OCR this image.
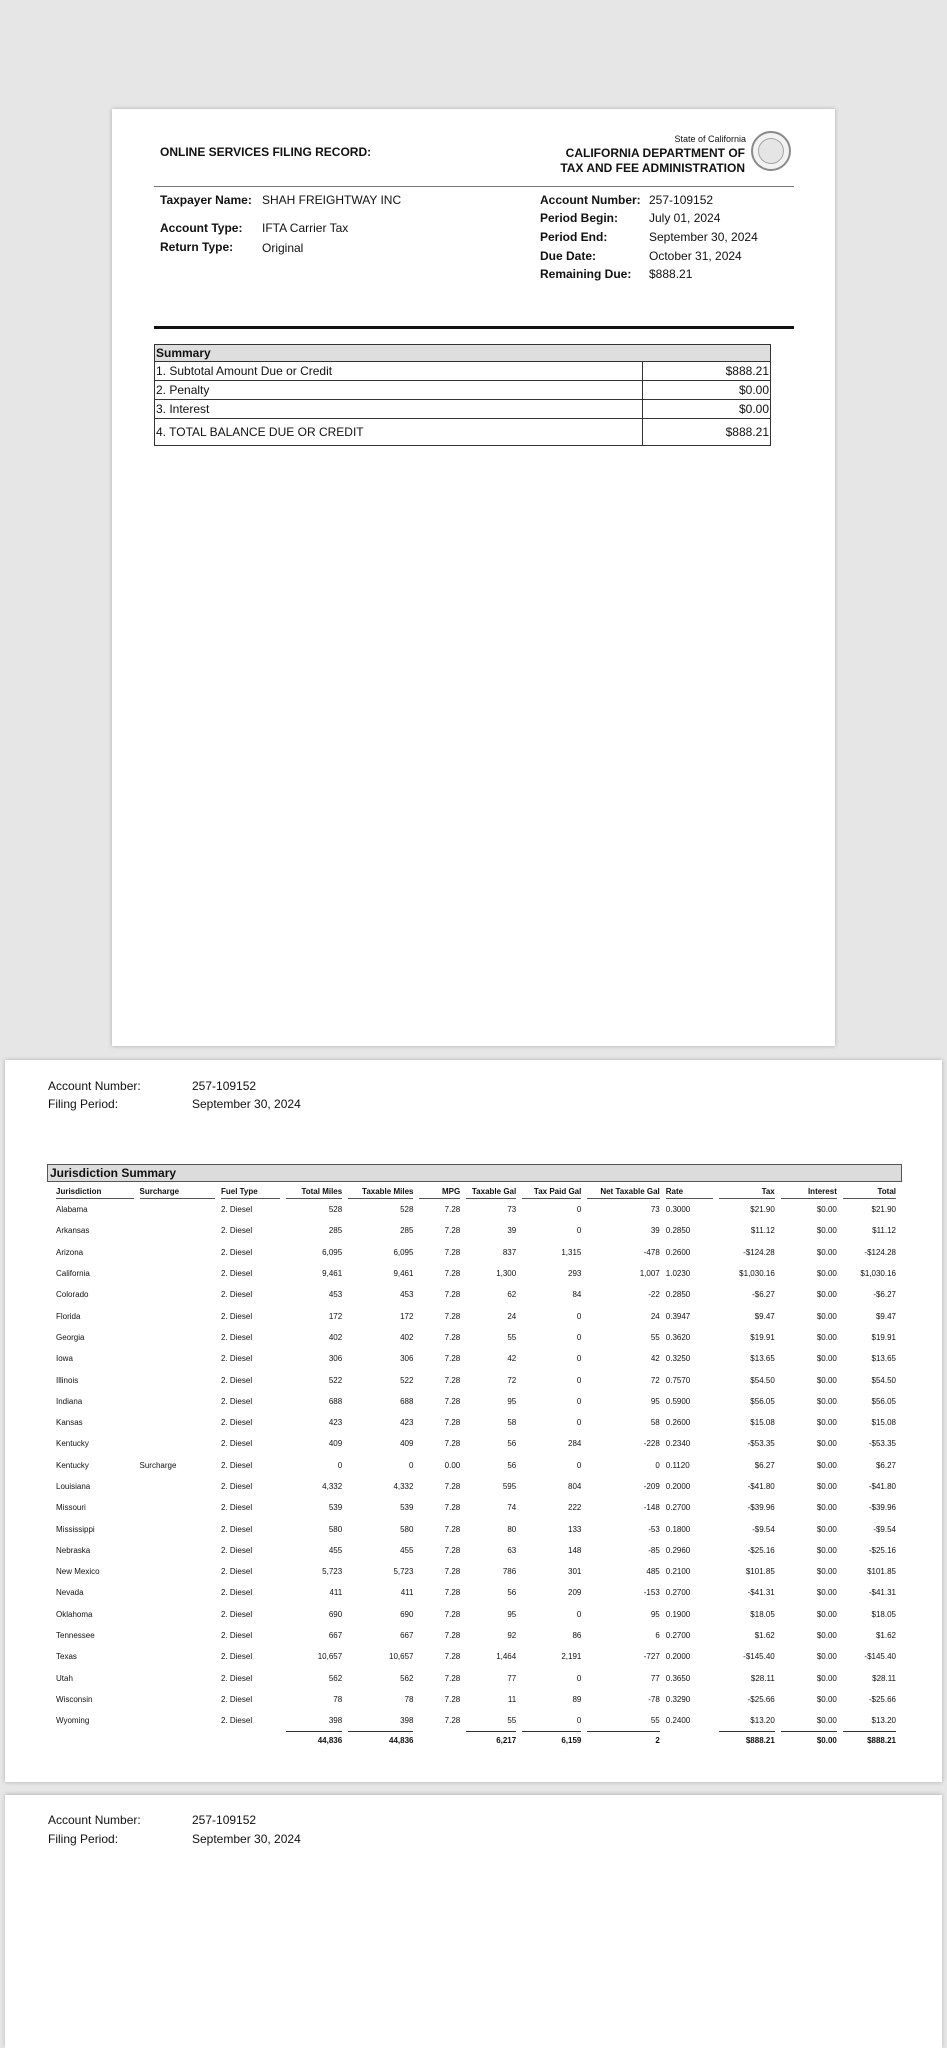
ONLINE SERVICES FILING RECORD:
State of California
CALIFORNIA DEPARTMENT OF
TAX AND FEE ADMINISTRATION
Taxpayer Name: SHAH FREIGHTWAY INC
Account Type: IFTA Carrier Tax
Return Type: Original
Account Number: 257-109152
Period Begin:	July 01, 2024
Period End:	September 30, 2024
Due Date:	October 31, 2024
Remaining Due: $888.21
Summary	
1. Subtotal Amount Due or Credit	$888.21
2. Penalty	$0.00
3. Interest	$0.00
4. TOTAL BALANCE DUE OR CREDIT	$888.21
Account Number:	257-109152
Filing Period:	September 30, 2024
Jurisdiction Summary
Jurisdiction	Surcharge	Fuel Type	Total Miles	Taxable Miles	MPG	Taxable Gal	Tax Paid Gal	Net Taxable Gal	Rate	Tax	Interest	Total
Alabama		2. Diesel	528	528	7.28	73	0	73	0.3000	$21.90	$0.00	$21.90
Arkansas		2. Diesel	285	285	7.28	39	0	39	0.2850	$11.12	$0.00	$11.12
Arizona		2. Diesel	6,095	6,095	7.28	837	1,315	-478	0.2600	-$124.28	$0.00	-$124.28
California		2. Diesel	9,461	9,461	7.28	1,300	293	1,007	1.0230	$1,030.16	$0.00	$1,030.16
Colorado		2. Diesel	453	453	7.28	62	84	-22	0.2850	-$6.27	$0.00	-$6.27
Florida		2. Diesel	172	172	7.28	24	0	24	0.3947	$9.47	$0.00	$9.47
Georgia		2. Diesel	402	402	7.28	55	0	55	0.3620	$19.91	$0.00	$19.91
Iowa		2. Diesel	306	306	7.28	42	0	42	0.3250	$13.65	$0.00	$13.65
Illinois		2. Diesel	522	522	7.28	72	0	72	0.7570	$54.50	$0.00	$54.50
Indiana		2. Diesel	688	688	7.28	95	0	95	0.5900	$56.05	$0.00	$56.05
Kansas		2. Diesel	423	423	7.28	58	0	58	0.2600	$15.08	$0.00	$15.08
Kentucky		2. Diesel	409	409	7.28	56	284	-228	0.2340	-$53.35	$0.00	-$53.35
Kentucky	Surcharge	2. Diesel	0	0	0.00	56	0	0	0.1120	$6.27	$0.00	$6.27
Louisiana		2. Diesel	4,332	4,332	7.28	595	804	-209	0.2000	-$41.80	$0.00	-$41.80
Missouri		2. Diesel	539	539	7.28	74	222	-148	0.2700	-$39.96	$0.00	-$39.96
Mississippi		2. Diesel	580	580	7.28	80	133	-53	0.1800	-$9.54	$0.00	-$9.54
Nebraska		2. Diesel	455	455	7.28	63	148	-85	0.2960	-$25.16	$0.00	-$25.16
New Mexico		2. Diesel	5,723	5,723	7.28	786	301	485	0.2100	$101.85	$0.00	$101.85
Nevada		2. Diesel	411	411	7.28	56	209	-153	0.2700	-$41.31	$0.00	-$41.31
Oklahoma		2. Diesel	690	690	7.28	95	0	95	0.1900	$18.05	$0.00	$18.05
Tennessee		2. Diesel	667	667	7.28	92	86	6	0.2700	$1.62	$0.00	$1.62
Texas		2. Diesel	10,657	10,657	7.28	1,464	2,191	-727	0.2000	-$145.40	$0.00	-$145.40
Utah		2. Diesel	562	562	7.28	77	0	77	0.3650	$28.11	$0.00	$28.11
Wisconsin		2. Diesel	78	78	7.28	11	89	-78	0.3290	-$25.66	$0.00	-$25.66
Wyoming		2. Diesel	398	398	7.28	55	0	55	0.2400	$13.20	$0.00	$13.20
			44,836	44,836		6,217	6,159	2		$888.21	$0.00	$888.21
Account Number:	257-109152
Filing Period:	September 30, 2024
